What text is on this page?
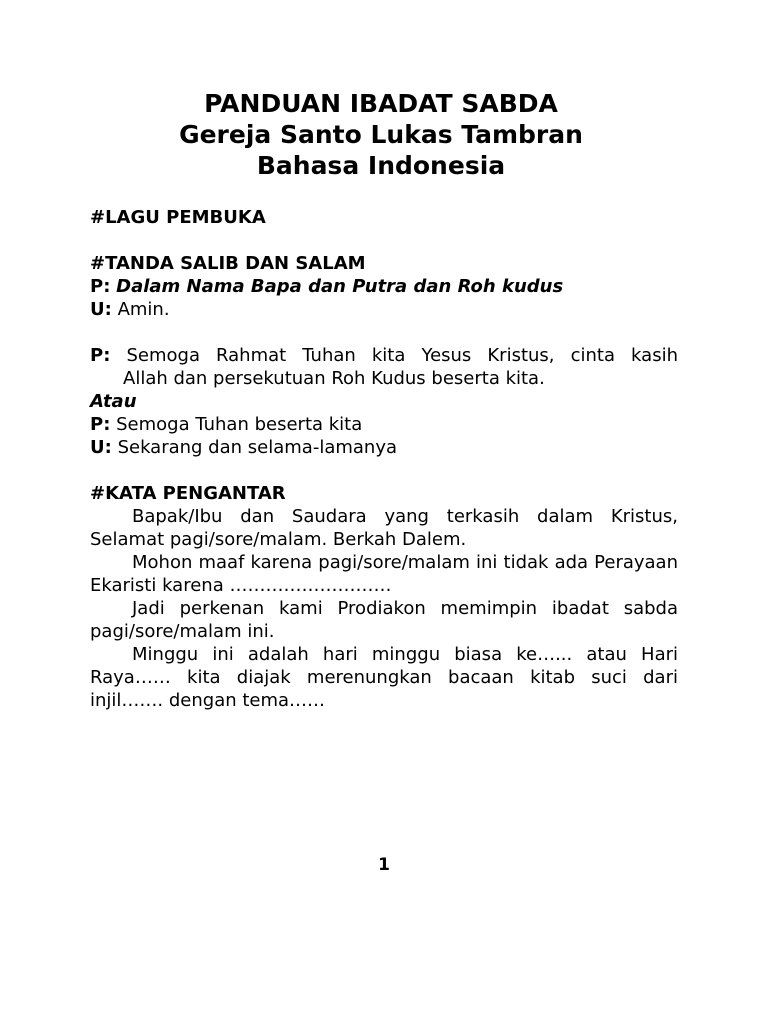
PANDUAN IBADAT SABDA
Gereja Santo Lukas Tambran
Bahasa Indonesia
#LAGU PEMBUKA
#TANDA SALIB DAN SALAM
P: Dalam Nama Bapa dan Putra dan Roh kudus
U: Amin.
P: Semoga Rahmat Tuhan kita Yesus Kristus, cinta kasih
Allah dan persekutuan Roh Kudus beserta kita.
Atau
P: Semoga Tuhan beserta kita
U: Sekarang dan selama-lamanya
#KATA PENGANTAR
Bapak/Ibu dan Saudara yang terkasih dalam Kristus, Selamat pagi/sore/malam. Berkah Dalem.
Mohon maaf karena pagi/sore/malam ini tidak ada Perayaan Ekaristi karena ………………………
Jadi perkenan kami Prodiakon memimpin ibadat sabda pagi/sore/malam ini.
Minggu ini adalah hari minggu biasa ke…... atau Hari Raya…… kita diajak merenungkan bacaan kitab suci dari injil……. dengan tema……
1
